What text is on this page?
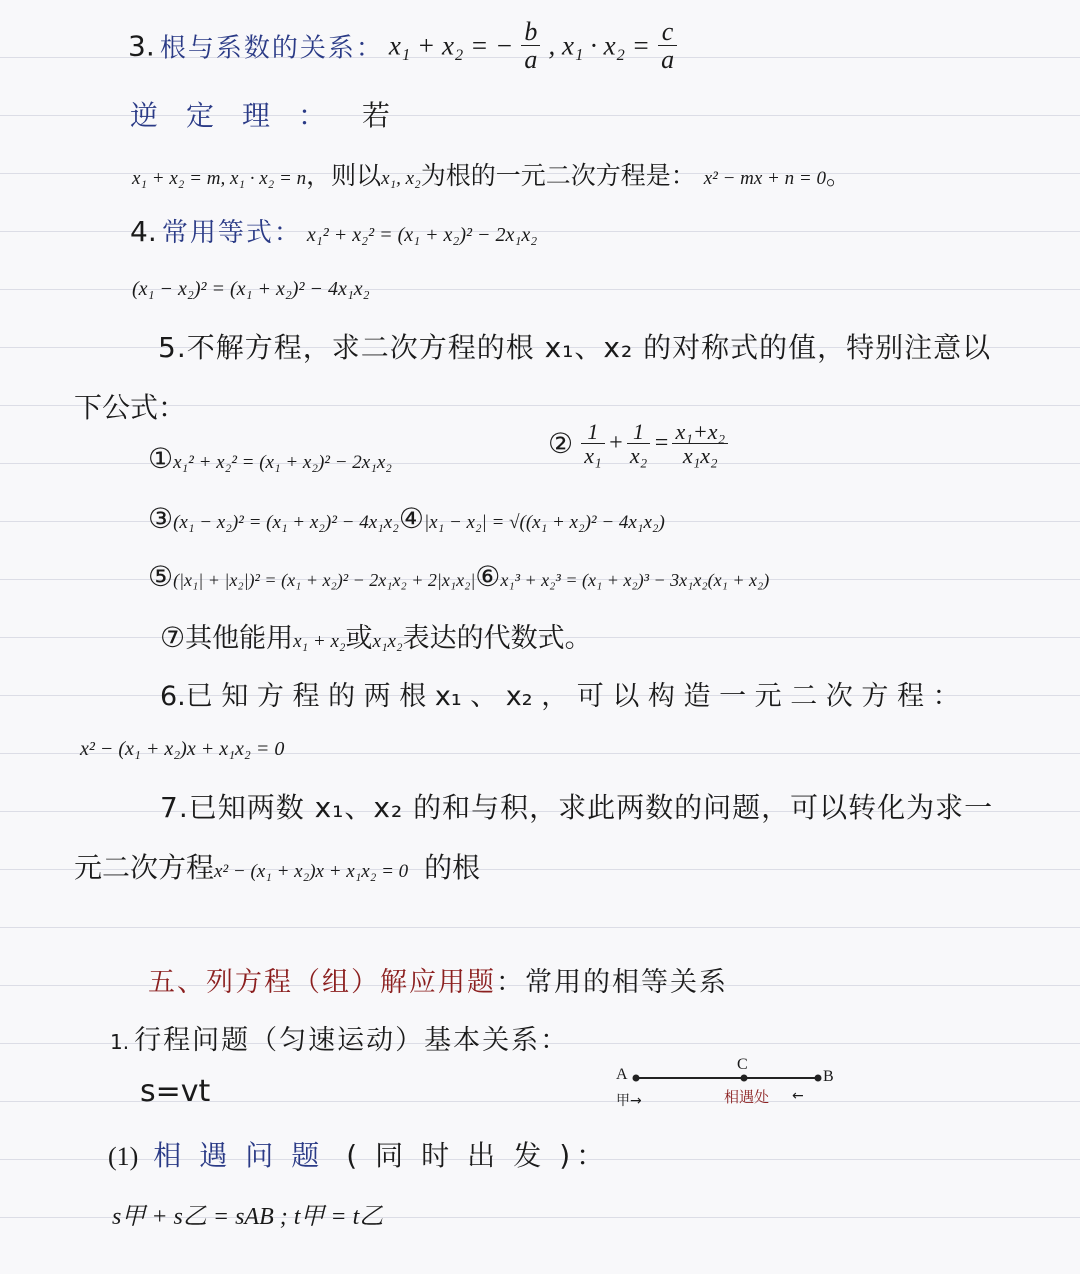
3. 根与系数的关系： x₁ + x₂ = − $\frac{b}{a}$ , $x_1 \cdot x_2 = \frac{c}{a}$
逆 定 理 ：	若
x₁ + x₂ = m, x₁ · x₂ = n，则以x₁, x₂为根的一元二次方程是： x² − mx + n = 0。
4. 常用等式： x₁² + x₂² = (x₁ + x₂)² − 2x₁x₂
(x₁ − x₂)² = (x₁ + x₂)² − 4x₁x₂
5.不解方程，求二次方程的根 x₁、x₂ 的对称式的值，特别注意以
下公式：
①x₁² + x₂² = (x₁ + x₂)² − 2x₁x₂
② $\frac{1}{\text{x₁}} + \frac{1}{\text{x₂}} = \frac{\text{x₁+x₂}}{\text{x₁x₂}}$
③(x₁ − x₂)² = (x₁ + x₂)² − 4x₁x₂④|x₁ − x₂| = √((x₁ + x₂)² − 4x₁x₂)
⑤(|x₁| + |x₂|)² = (x₁ + x₂)² − 2x₁x₂ + 2|x₁x₂|⑥x₁³ + x₂³ = (x₁ + x₂)³ − 3x₁x₂(x₁ + x₂)
⑦其他能用x₁ + x₂或x₁x₂表达的代数式。
6.已 知 方 程 的 两 根 x₁ 、 x₂ ， 可 以 构 造 一 元 二 次 方 程 ：
x² − (x₁ + x₂)x + x₁x₂ = 0
7.已知两数 x₁、x₂ 的和与积，求此两数的问题，可以转化为求一
元二次方程x² − (x₁ + x₂)x + x₁x₂ = 0 的根
五、列方程（组）解应用题：常用的相等关系
1. 行程问题（匀速运动）基本关系：
s=vt	A
C
B
甲→	相遇处 ←
(1) 相 遇 问 题 ( 同 时 出 发 ) ：
s甲 + s乙 = sAB ; t甲 = t乙
